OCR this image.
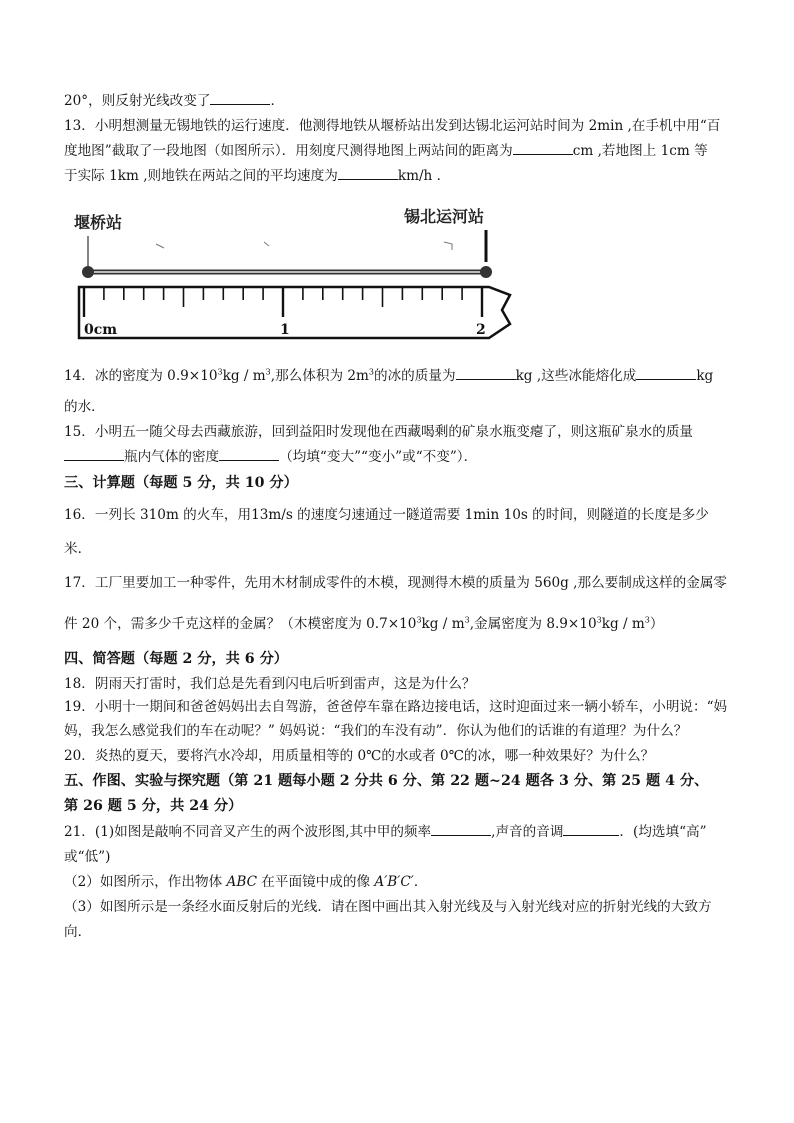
20°，则反射光线改变了	．
13．小明想测量无锡地铁的运行速度．他测得地铁从堰桥站出发到达锡北运河站时间为 2min ,在手机中用“百
度地图”截取了一段地图（如图所示）．用刻度尺测得地图上两站间的距离为	cm ,若地图上 1cm 等
于实际 1km ,则地铁在两站之间的平均速度为	km/h ．
堰桥站	锡北运河站
0cm	1	2
14．冰的密度为 $0.9\times 10^3kg / m^3$,那么体积为 $2m^3$的冰的质量为	kg ,这些冰能熔化成	kg
的水．
15．小明五一随父母去西藏旅游，回到益阳时发现他在西藏喝剩的矿泉水瓶变瘪了，则这瓶矿泉水的质量
瓶内气体的密度	（均填“变大”“变小”或“不变”）．
三、计算题（每题 5 分，共 10 分）
16．一列长 310m 的火车，用13m/s 的速度匀速通过一隧道需要 1min 10s 的时间，则隧道的长度是多少
米．
17．工厂里要加工一种零件，先用木材制成零件的木模，现测得木模的质量为 560g ,那么要制成这样的金属零
件 20 个，需多少千克这样的金属？（木模密度为 $0.7\times 10^3kg / m^3$,金属密度为 $8.9\times 10^3kg / m^3$）
四、简答题（每题 2 分，共 6 分）
18．阴雨天打雷时，我们总是先看到闪电后听到雷声，这是为什么？
19．小明十一期间和爸爸妈妈出去自驾游，爸爸停车靠在路边接电话，这时迎面过来一辆小轿车，小明说：“妈
妈，我怎么感觉我们的车在动呢？” 妈妈说：“我们的车没有动”．你认为他们的话谁的有道理？为什么？
20．炎热的夏天，要将汽水冷却，用质量相等的 0℃的水或者 0℃的冰，哪一种效果好？为什么？
五、作图、实验与探究题（第 21 题每小题 2 分共 6 分、第 22 题~24 题各 3 分、第 25 题 4 分、
第 26 题 5 分，共 24 分）
21．(1)如图是敲响不同音叉产生的两个波形图,其中甲的频率	,声音的音调	．(均选填“高”
或“低”)
（2）如图所示，作出物体 ABC 在平面镜中成的像 A′B′C′．
（3）如图所示是一条经水面反射后的光线．请在图中画出其入射光线及与入射光线对应的折射光线的大致方
向．
